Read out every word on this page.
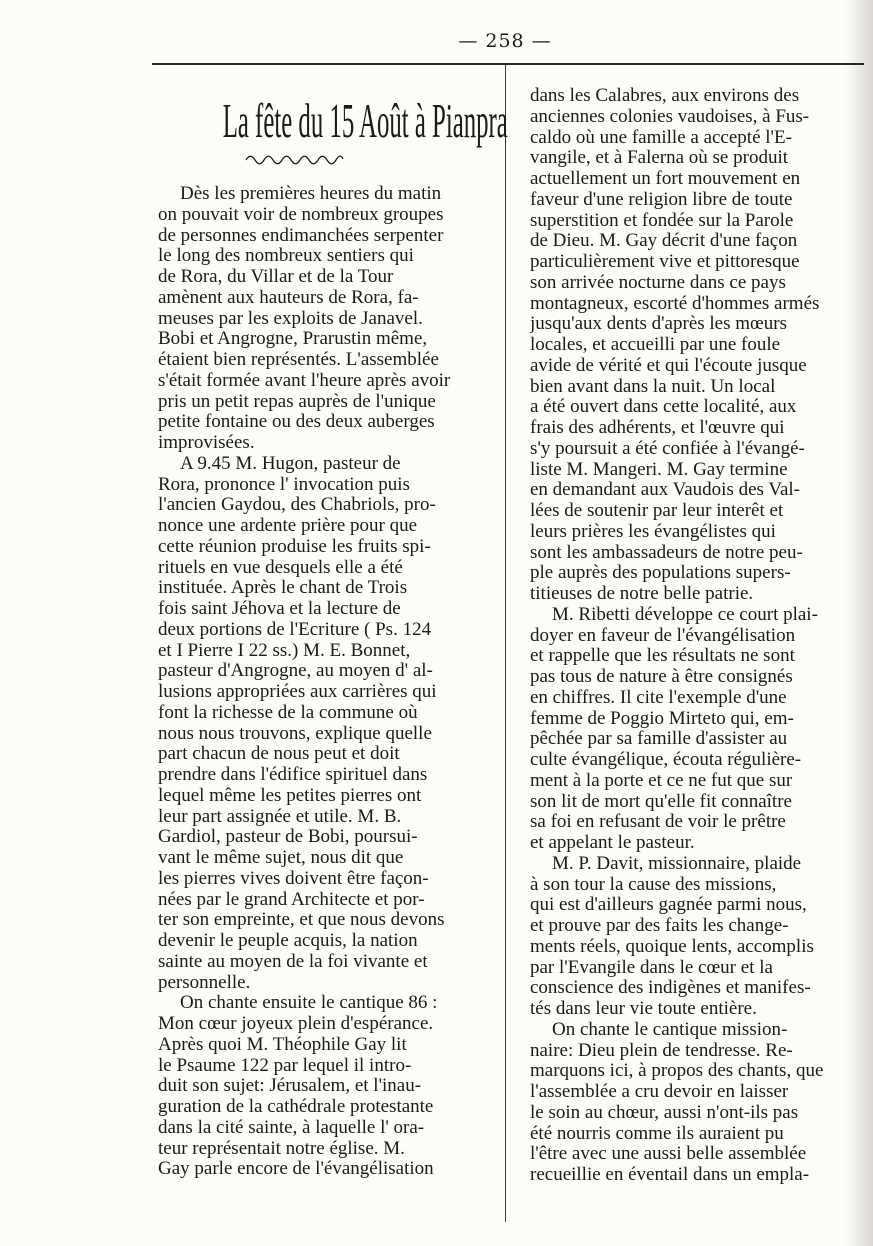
— 258 —
La fête du 15 Août à Pianpra

Dès les premières heures du matin
on pouvait voir de nombreux groupes
de personnes endimanchées serpenter
le long des nombreux sentiers qui
de Rora, du Villar et de la Tour
amènent aux hauteurs de Rora, fa-
meuses par les exploits de Janavel.
Bobi et Angrogne, Prarustin même,
étaient bien représentés. L'assemblée
s'était formée avant l'heure après avoir
pris un petit repas auprès de l'unique
petite fontaine ou des deux auberges
improvisées.

A 9.45 M. Hugon, pasteur de
Rora, prononce l' invocation puis
l'ancien Gaydou, des Chabriols, pro-
nonce une ardente prière pour que
cette réunion produise les fruits spi-
rituels en vue desquels elle a été
instituée. Après le chant de Trois
fois saint Jéhova et la lecture de
deux portions de l'Ecriture ( Ps. 124
et I Pierre I 22 ss.) M. E. Bonnet,
pasteur d'Angrogne, au moyen d' al-
lusions appropriées aux carrières qui
font la richesse de la commune où
nous nous trouvons, explique quelle
part chacun de nous peut et doit
prendre dans l'édifice spirituel dans
lequel même les petites pierres ont
leur part assignée et utile. M. B.
Gardiol, pasteur de Bobi, poursui-
vant le même sujet, nous dit que
les pierres vives doivent être façon-
nées par le grand Architecte et por-
ter son empreinte, et que nous devons
devenir le peuple acquis, la nation
sainte au moyen de la foi vivante et
personnelle.

On chante ensuite le cantique 86 :
Mon cœur joyeux plein d'espérance.
Après quoi M. Théophile Gay lit
le Psaume 122 par lequel il intro-
duit son sujet: Jérusalem, et l'inau-
guration de la cathédrale protestante
dans la cité sainte, à laquelle l' ora-
teur représentait notre église. M.
Gay parle encore de l'évangélisation

dans les Calabres, aux environs des
anciennes colonies vaudoises, à Fus-
caldo où une famille a accepté l'E-
vangile, et à Falerna où se produit
actuellement un fort mouvement en
faveur d'une religion libre de toute
superstition et fondée sur la Parole
de Dieu. M. Gay décrit d'une façon
particulièrement vive et pittoresque
son arrivée nocturne dans ce pays
montagneux, escorté d'hommes armés
jusqu'aux dents d'après les mœurs
locales, et accueilli par une foule
avide de vérité et qui l'écoute jusque
bien avant dans la nuit. Un local
a été ouvert dans cette localité, aux
frais des adhérents, et l'œuvre qui
s'y poursuit a été confiée à l'évangé-
liste M. Mangeri. M. Gay termine
en demandant aux Vaudois des Val-
lées de soutenir par leur interêt et
leurs prières les évangélistes qui
sont les ambassadeurs de notre peu-
ple auprès des populations supers-
titieuses de notre belle patrie.

M. Ribetti développe ce court plai-
doyer en faveur de l'évangélisation
et rappelle que les résultats ne sont
pas tous de nature à être consignés
en chiffres. Il cite l'exemple d'une
femme de Poggio Mirteto qui, em-
pêchée par sa famille d'assister au
culte évangélique, écouta régulière-
ment à la porte et ce ne fut que sur
son lit de mort qu'elle fit connaître
sa foi en refusant de voir le prêtre
et appelant le pasteur.

M. P. Davit, missionnaire, plaide
à son tour la cause des missions,
qui est d'ailleurs gagnée parmi nous,
et prouve par des faits les change-
ments réels, quoique lents, accomplis
par l'Evangile dans le cœur et la
conscience des indigènes et manifes-
tés dans leur vie toute entière.

On chante le cantique mission-
naire: Dieu plein de tendresse. Re-
marquons ici, à propos des chants, que
l'assemblée a cru devoir en laisser
le soin au chœur, aussi n'ont-ils pas
été nourris comme ils auraient pu
l'être avec une aussi belle assemblée
recueillie en éventail dans un empla-
